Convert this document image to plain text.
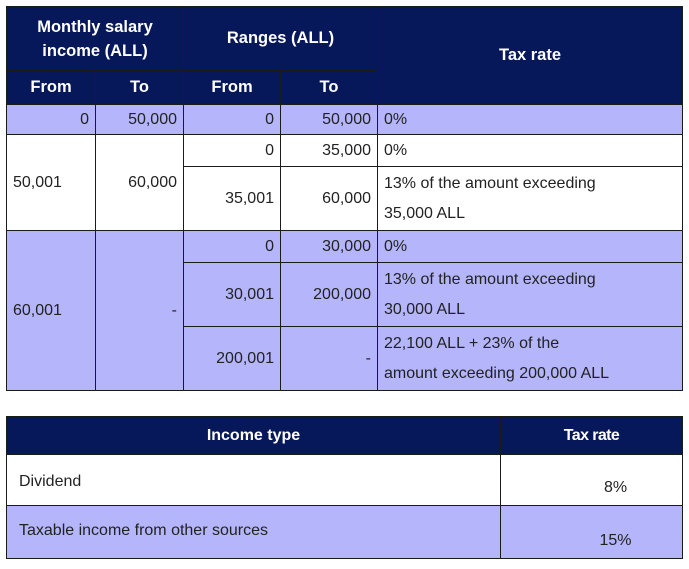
Monthly salary income (ALL)		Ranges (ALL)		Tax rate
From	To	From	To	
0	50,000	0	50,000	0%
50,001	60,000	0	35,000	0%
		35,001	60,000	13% of the amount exceeding
35,000 ALL

60,001	-	0	30,000	0%
		30,001	200,000	13% of the amount exceeding
30,000 ALL

		200,001	-	22,100 ALL + 23% of the
amount exceeding 200,000 ALL
Income type	Tax rate
Dividend	8%
Taxable income from other sources	15%
